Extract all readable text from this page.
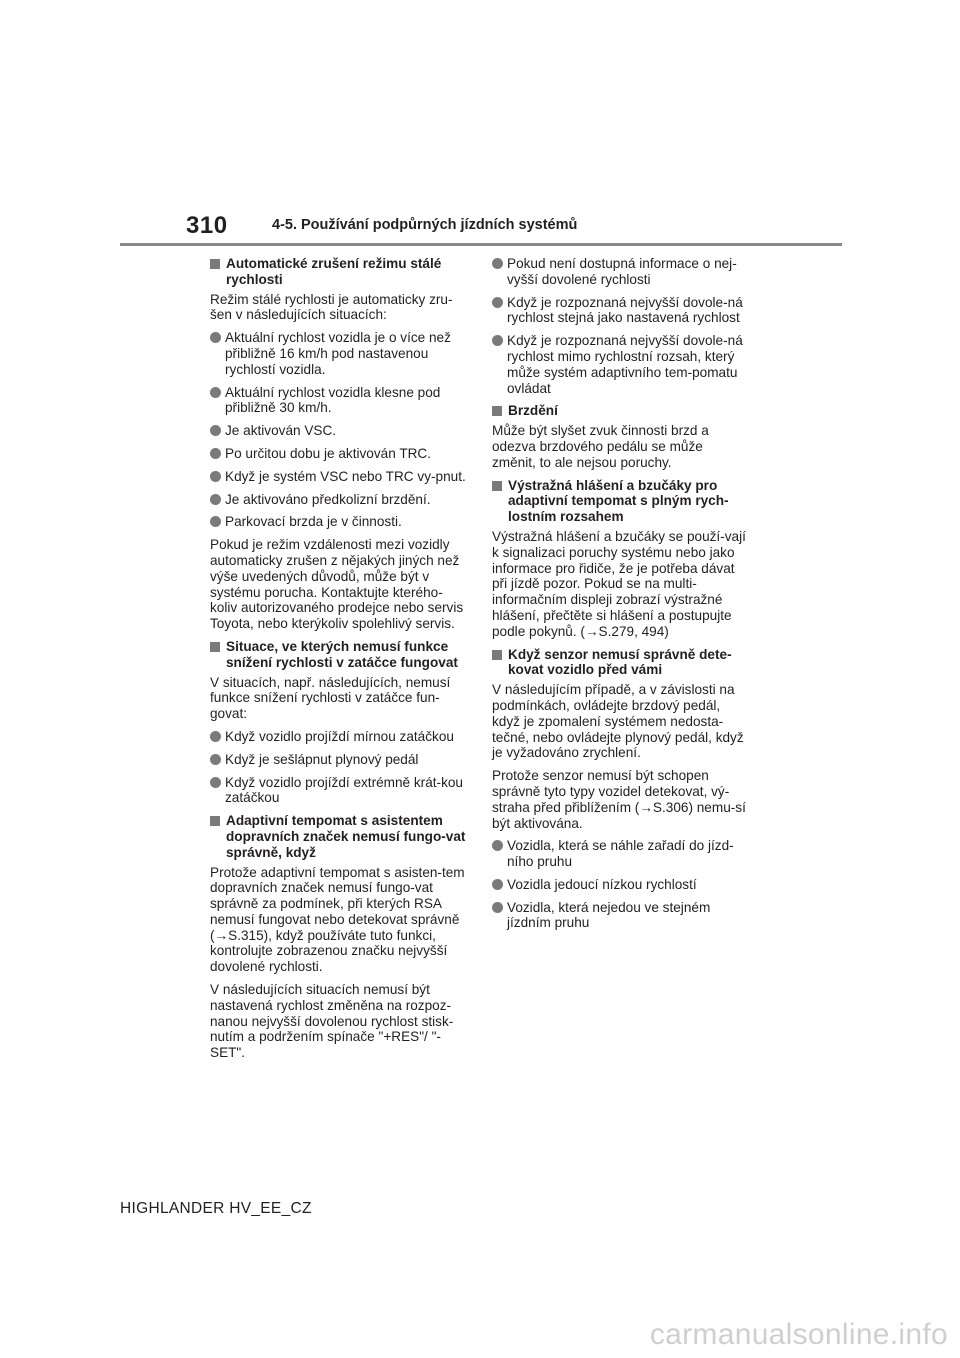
310	4-5. Používání podpůrných jízdních systémů
Automatické zrušení režimu stálé rychlosti
Režim stálé rychlosti je automaticky zru-šen v následujících situacích:
Aktuální rychlost vozidla je o více než přibližně 16 km/h pod nastavenou rychlostí vozidla.
Aktuální rychlost vozidla klesne pod přibližně 30 km/h.
Je aktivován VSC.
Po určitou dobu je aktivován TRC.
Když je systém VSC nebo TRC vy-pnut.
Je aktivováno předkolizní brzdění.
Parkovací brzda je v činnosti.
Pokud je režim vzdálenosti mezi vozidly automaticky zrušen z nějakých jiných než výše uvedených důvodů, může být v systému porucha. Kontaktujte kterého-koliv autorizovaného prodejce nebo servis Toyota, nebo kterýkoliv spolehlivý servis.
Situace, ve kterých nemusí funkce snížení rychlosti v zatáčce fungovat
V situacích, např. následujících, nemusí funkce snížení rychlosti v zatáčce fun-govat:
Když vozidlo projíždí mírnou zatáčkou
Když je sešlápnut plynový pedál
Když vozidlo projíždí extrémně krát-kou zatáčkou
Adaptivní tempomat s asistentem dopravních značek nemusí fungo-vat správně, když
Protože adaptivní tempomat s asisten-tem dopravních značek nemusí fungo-vat správně za podmínek, při kterých RSA nemusí fungovat nebo detekovat správně (→S.315), když používáte tuto funkci, kontrolujte zobrazenou značku nejvyšší dovolené rychlosti.
V následujících situacích nemusí být nastavená rychlost změněna na rozpoz-nanou nejvyšší dovolenou rychlost stisk-nutím a podržením spínače "+RES"/ "-SET".
Pokud není dostupná informace o nej-vyšší dovolené rychlosti
Když je rozpoznaná nejvyšší dovole-ná rychlost stejná jako nastavená rychlost
Když je rozpoznaná nejvyšší dovole-ná rychlost mimo rychlostní rozsah, který může systém adaptivního tem-pomatu ovládat
Brzdění
Může být slyšet zvuk činnosti brzd a odezva brzdového pedálu se může změnit, to ale nejsou poruchy.
Výstražná hlášení a bzučáky pro adaptivní tempomat s plným rych-lostním rozsahem
Výstražná hlášení a bzučáky se použí-vají k signalizaci poruchy systému nebo jako informace pro řidiče, že je potřeba dávat při jízdě pozor. Pokud se na multi-informačním displeji zobrazí výstražné hlášení, přečtěte si hlášení a postupujte podle pokynů. (→S.279, 494)
Když senzor nemusí správně dete-kovat vozidlo před vámi
V následujícím případě, a v závislosti na podmínkách, ovládejte brzdový pedál, když je zpomalení systémem nedosta-tečné, nebo ovládejte plynový pedál, když je vyžadováno zrychlení.
Protože senzor nemusí být schopen správně tyto typy vozidel detekovat, vý-straha před přiblížením (→S.306) nemu-sí být aktivována.
Vozidla, která se náhle zařadí do jízd-ního pruhu
Vozidla jedoucí nízkou rychlostí
Vozidla, která nejedou ve stejném jízdním pruhu
HIGHLANDER HV_EE_CZ
carmanualsonline.info
